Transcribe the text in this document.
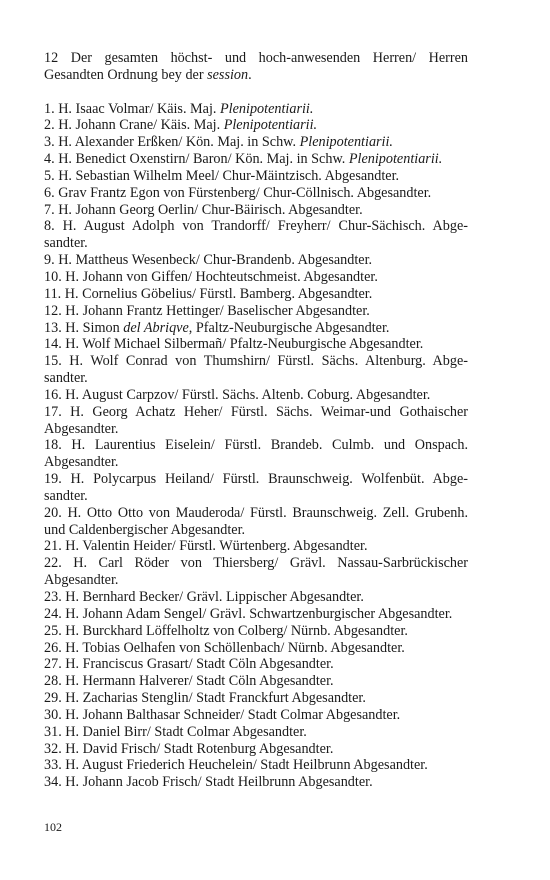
12 Der gesamten höchst- und hoch-anwesenden Herren/ Herren Gesandten Ordnung bey der session.

1. H. Isaac Volmar/ Käis. Maj. Plenipotentiarii.
2. H. Johann Crane/ Käis. Maj. Plenipotentiarii.
3. H. Alexander Erßken/ Kön. Maj. in Schw. Plenipotentiarii.
4. H. Benedict Oxenstirn/ Baron/ Kön. Maj. in Schw. Plenipotentiarii.
5. H. Sebastian Wilhelm Meel/ Chur-Mäintzisch. Abgesandter.
6. Grav Frantz Egon von Fürstenberg/ Chur-Cöllnisch. Abgesandter.
7. H. Johann Georg Oerlin/ Chur-Bäirisch. Abgesandter.
8. H. August Adolph von Trandorff/ Freyherr/ Chur-Sächisch. Abgesandter.
9. H. Mattheus Wesenbeck/ Chur-Brandenb. Abgesandter.
10. H. Johann von Giffen/ Hochteutschmeist. Abgesandter.
11. H. Cornelius Göbelius/ Fürstl. Bamberg. Abgesandter.
12. H. Johann Frantz Hettinger/ Baselischer Abgesandter.
13. H. Simon del Abriqve, Pfaltz-Neuburgische Abgesandter.
14. H. Wolf Michael Silbermañ/ Pfaltz-Neuburgische Abgesandter.
15. H. Wolf Conrad von Thumshirn/ Fürstl. Sächs. Altenburg. Abgesandter.
16. H. August Carpzov/ Fürstl. Sächs. Altenb. Coburg. Abgesandter.
17. H. Georg Achatz Heher/ Fürstl. Sächs. Weimar-und Gothaischer Abgesandter.
18. H. Laurentius Eiselein/ Fürstl. Brandeb. Culmb. und Onspach. Abgesandter.
19. H. Polycarpus Heiland/ Fürstl. Braunschweig. Wolfenbüt. Abgesandter.
20. H. Otto Otto von Mauderoda/ Fürstl. Braunschweig. Zell. Grubenh. und Caldenbergischer Abgesandter.
21. H. Valentin Heider/ Fürstl. Würtenberg. Abgesandter.
22. H. Carl Röder von Thiersberg/ Grävl. Nassau-Sarbrückischer Abgesandter.
23. H. Bernhard Becker/ Grävl. Lippischer Abgesandter.
24. H. Johann Adam Sengel/ Grävl. Schwartzenburgischer Abgesandter.
25. H. Burckhard Löffelholtz von Colberg/ Nürnb. Abgesandter.
26. H. Tobias Oelhafen von Schöllenbach/ Nürnb. Abgesandter.
27. H. Franciscus Grasart/ Stadt Cöln Abgesandter.
28. H. Hermann Halverer/ Stadt Cöln Abgesandter.
29. H. Zacharias Stenglin/ Stadt Franckfurt Abgesandter.
30. H. Johann Balthasar Schneider/ Stadt Colmar Abgesandter.
31. H. Daniel Birr/ Stadt Colmar Abgesandter.
32. H. David Frisch/ Stadt Rotenburg Abgesandter.
33. H. August Friederich Heuchelein/ Stadt Heilbrunn Abgesandter.
34. H. Johann Jacob Frisch/ Stadt Heilbrunn Abgesandter.
102
